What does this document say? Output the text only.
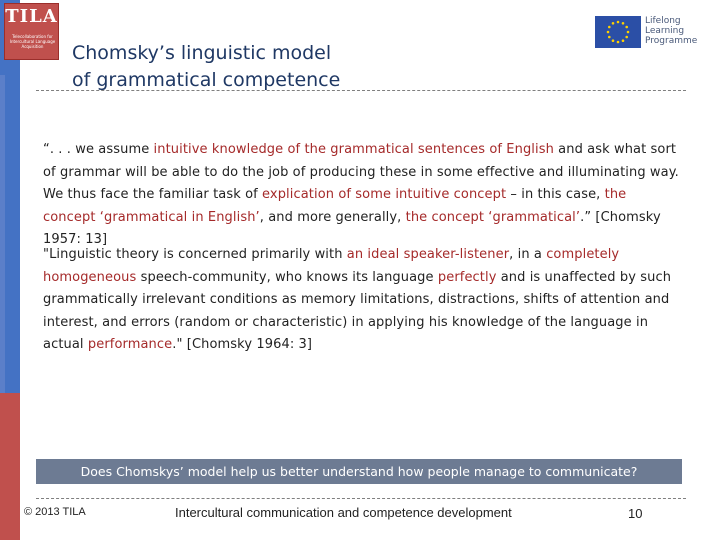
TILA
Telecollaboration for Intercultural Language Acquisition
Lifelong
Learning
Programme
Chomsky’s linguistic model
of grammatical competence
“. . . we assume intuitive knowledge of the grammatical sentences of English and ask what sort of grammar will be able to do the job of producing these in some effective and illuminating way. We thus face the familiar task of explication of some intuitive concept – in this case, the concept ‘grammatical in English’, and more generally, the concept ‘grammatical’.” [Chomsky 1957: 13]
"Linguistic theory is concerned primarily with an ideal speaker-listener, in a completely homogeneous speech-community, who knows its language perfectly and is unaffected by such grammatically irrelevant conditions as memory limitations, distractions, shifts of attention and interest, and errors (random or characteristic) in applying his knowledge of the language in actual performance." [Chomsky 1964: 3]
Does Chomskys’ model help us better understand how people manage to communicate?
© 2013 TILA	Intercultural communication and competence development	10
